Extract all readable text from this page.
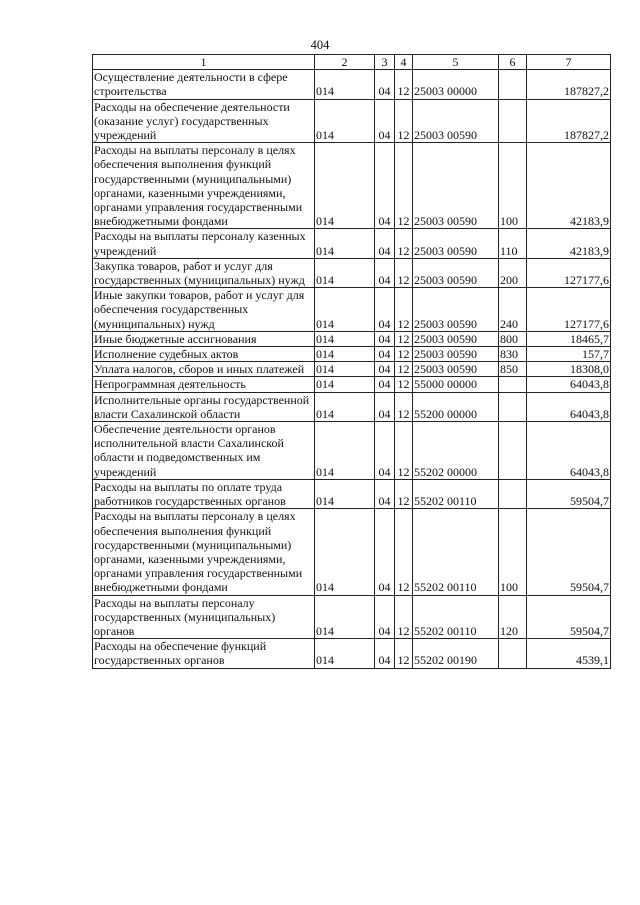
404
1	2	3	4	5	6	7
Осуществление деятельности в сфере строительства	014	04	12	25003 00000		187827,2
Расходы на обеспечение деятельности (оказание услуг) государственных учреждений	014	04	12	25003 00590		187827,2
Расходы на выплаты персоналу в целях обеспечения выполнения функций государственными (муниципальными) органами, казенными учреждениями, органами управления государственными внебюджетными фондами	014	04	12	25003 00590	100	42183,9
Расходы на выплаты персоналу казенных учреждений	014	04	12	25003 00590	110	42183,9
Закупка товаров, работ и услуг для государственных (муниципальных) нужд	014	04	12	25003 00590	200	127177,6
Иные закупки товаров, работ и услуг для обеспечения государственных (муниципальных) нужд	014	04	12	25003 00590	240	127177,6
Иные бюджетные ассигнования	014	04	12	25003 00590	800	18465,7
Исполнение судебных актов	014	04	12	25003 00590	830	157,7
Уплата налогов, сборов и иных платежей	014	04	12	25003 00590	850	18308,0
Непрограммная деятельность	014	04	12	55000 00000		64043,8
Исполнительные органы государственной власти Сахалинской области	014	04	12	55200 00000		64043,8
Обеспечение деятельности органов исполнительной власти Сахалинской области и подведомственных им учреждений	014	04	12	55202 00000		64043,8
Расходы на выплаты по оплате труда работников государственных органов	014	04	12	55202 00110		59504,7
Расходы на выплаты персоналу в целях обеспечения выполнения функций государственными (муниципальными) органами, казенными учреждениями, органами управления государственными внебюджетными фондами	014	04	12	55202 00110	100	59504,7
Расходы на выплаты персоналу государственных (муниципальных) органов	014	04	12	55202 00110	120	59504,7
Расходы на обеспечение функций государственных органов	014	04	12	55202 00190		4539,1
